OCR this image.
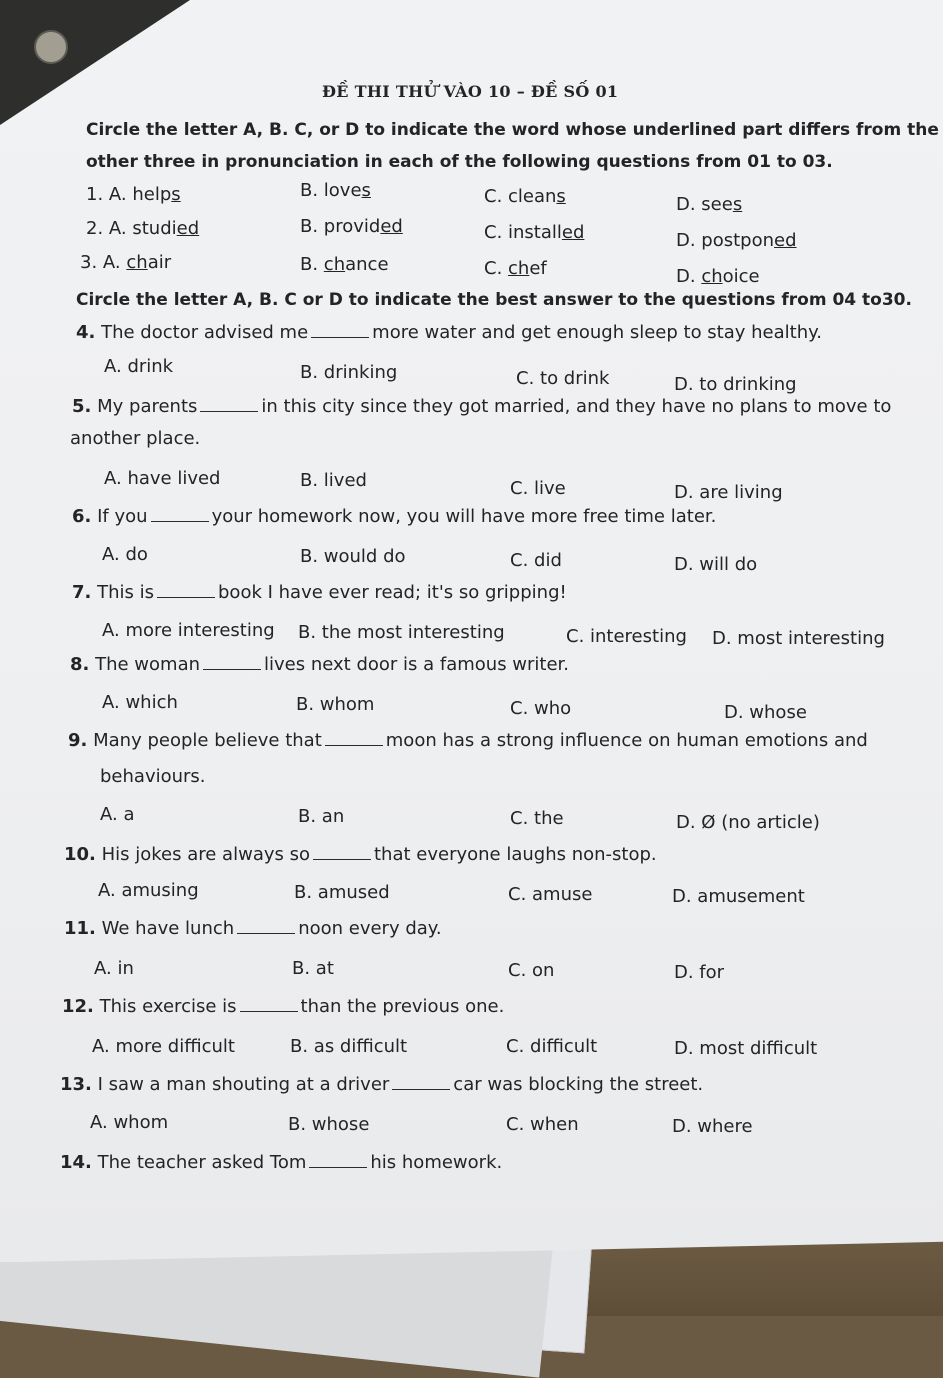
ĐỀ THI THỬ VÀO 10 – ĐỀ SỐ 01
Circle the letter A, B. C, or D to indicate the word whose underlined part differs from the
other three in pronunciation in each of the following questions from 01 to 03.
1. A. helps	B. loves	C. cleans	D. sees
2. A. studied	B. provided	C. installed	D. postponed
3. A. chair	B. chance	C. chef	D. choice
Circle the letter A, B. C or D to indicate the best answer to the questions from 04 to30.
4. The doctor advised me	more water and get enough sleep to stay healthy.
A. drink	B. drinking	C. to drink	D. to drinking
5. My parents	in this city since they got married, and they have no plans to move to
another place.
A. have lived	B. lived	C. live	D. are living
6. If you	your homework now, you will have more free time later.
A. do	B. would do	C. did	D. will do
7. This is	book I have ever read; it's so gripping!
A. more interesting B. the most interesting	C. interesting D. most interesting
8. The woman	lives next door is a famous writer.
A. which	B. whom	C. who	D. whose
9. Many people believe that	moon has a strong influence on human emotions and
behaviours.
A. a	B. an	C. the	D. Ø (no article)
10. His jokes are always so	that everyone laughs non-stop.
A. amusing	B. amused	C. amuse	D. amusement
11. We have lunch	noon every day.
A. in	B. at	C. on	D. for
12. This exercise is	than the previous one.
A. more difficult	B. as difficult	C. difficult	D. most difficult
13. I saw a man shouting at a driver	car was blocking the street.
A. whom	B. whose	C. when	D. where
14. The teacher asked Tom	his homework.
